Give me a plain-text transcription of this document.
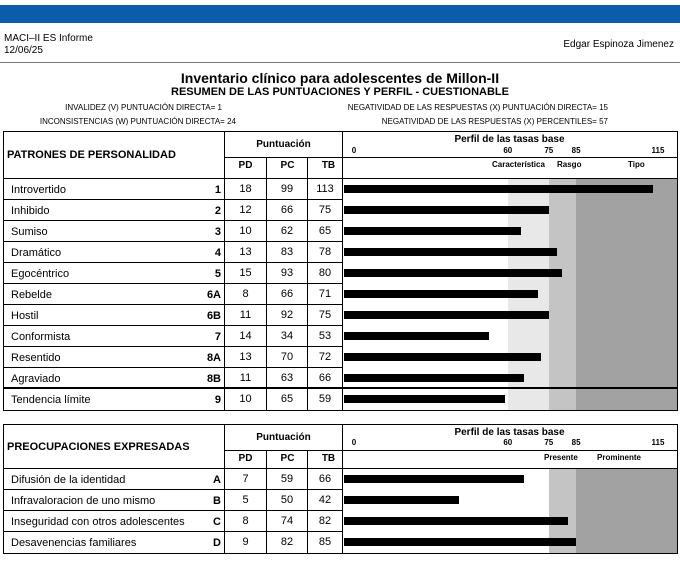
MACI–II ES Informe
12/06/25
Edgar Espinoza Jimenez
Inventario clínico para adolescentes de Millon-II
RESUMEN DE LAS PUNTUACIONES Y PERFIL - CUESTIONABLE
INVALIDEZ (V) PUNTUACIÓN DIRECTA= 1
INCONSISTENCIAS (W) PUNTUACIÓN DIRECTA= 24
NEGATIVIDAD DE LAS RESPUESTAS (X) PUNTUACIÓN DIRECTA= 15
NEGATIVIDAD DE LAS RESPUESTAS (X) PERCENTILES= 57
PATRONES DE PERSONALIDAD
Puntuación
PD	PC	TB
Perfil de las tasas base
0	60	75	85	115
Característica Rasgo	Tipo
Introvertido	1	18	99	113
Inhibido	2	12	66	75
Sumiso	3	10	62	65
Dramático	4	13	83	78
Egocéntrico	5	15	93	80
Rebelde	6A	8	66	71
Hostil	6B	11	92	75
Conformista	7	14	34	53
Resentido	8A	13	70	72
Agraviado	8B	11	63	66
Tendencia límite	9	10	65	59
PREOCUPACIONES EXPRESADAS
Puntuación
PD	PC	TB
Perfil de las tasas base
0	60	75	85	115
Presente Prominente
Difusión de la identidad	A	7	59	66
Infravaloracion de uno mismo	B	5	50	42
Inseguridad con otros adolescentes	C	8	74	82
Desavenencias familiares	D	9	82	85
